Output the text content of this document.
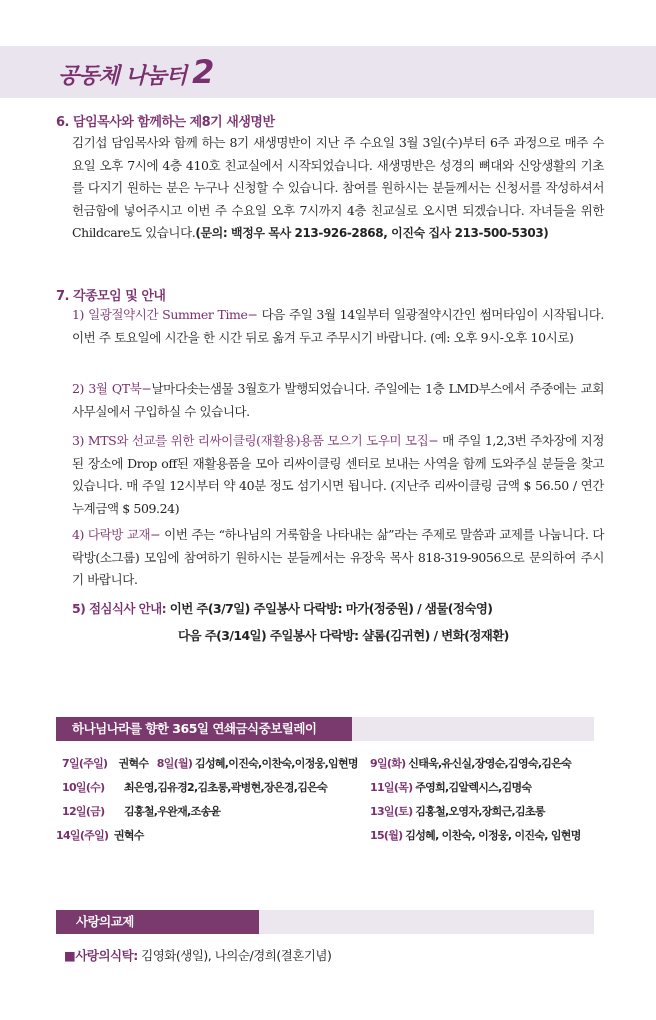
공동체 나눔터 2
6. 담임목사와 함께하는 제8기 새생명반
김기섭 담임목사와 함께 하는 8기 새생명반이 지난 주 수요일 3월 3일(수)부터 6주 과정으로 매주 수요일 오후 7시에 4층 410호 친교실에서 시작되었습니다. 새생명반은 성경의 뼈대와 신앙생활의 기초를 다지기 원하는 분은 누구나 신청할 수 있습니다. 참여를 원하시는 분들께서는 신청서를 작성하셔서 헌금함에 넣어주시고 이번 주 수요일 오후 7시까지 4층 친교실로 오시면 되겠습니다. 자녀들을 위한 Childcare도 있습니다.(문의: 백정우 목사 213-926-2868, 이진숙 집사 213-500-5303)
7. 각종모임 및 안내
1) 일광절약시간 Summer Time− 다음 주일 3월 14일부터 일광절약시간인 썸머타임이 시작됩니다. 이번 주 토요일에 시간을 한 시간 뒤로 옮겨 두고 주무시기 바랍니다. (예: 오후 9시-오후 10시로)
2) 3월 QT북−날마다솟는샘물 3월호가 발행되었습니다. 주일에는 1층 LMD부스에서 주중에는 교회사무실에서 구입하실 수 있습니다.
3) MTS와 선교를 위한 리싸이클링(재활용)용품 모으기 도우미 모집− 매 주일 1,2,3번 주차장에 지정된 장소에 Drop off된 재활용품을 모아 리싸이클링 센터로 보내는 사역을 함께 도와주실 분들을 찾고 있습니다. 매 주일 12시부터 약 40분 정도 섬기시면 됩니다. (지난주 리싸이클링 금액 $ 56.50 / 연간 누계금액 $ 509.24)
4) 다락방 교재− 이번 주는 “하나님의 거룩함을 나타내는 삶”라는 주제로 말씀과 교제를 나눕니다. 다락방(소그룹) 모임에 참여하기 원하시는 분들께서는 유장욱 목사 818-319-9056으로 문의하여 주시기 바랍니다.
5) 점심식사 안내: 이번 주(3/7일) 주일봉사 다락방: 마가(정중원) / 샘물(정숙영)
다음 주(3/14일) 주일봉사 다락방: 샬롬(김귀현) / 변화(정재환)
하나님나라를 향한 365일 연쇄금식중보릴레이
7일(주일) 권혁수 8일(월) 김성혜,이진숙,이찬숙,이정웅,임현명 9일(화) 신태욱,유신실,장영순,김영숙,김은숙
10일(수) 최은영,김유경2,김초롱,곽병현,장은경,김은숙	11일(목) 주영희,김알렉시스,김명숙
12일(금) 김홍철,우완재,조송윤	13일(토) 김홍철,오영자,장희근,김초롱
14일(주일) 권혁수	15(월) 김성혜, 이찬숙, 이정웅, 이진숙, 임현명
사랑의교제
■사랑의식탁: 김영화(생일), 나의순/경희(결혼기념)
